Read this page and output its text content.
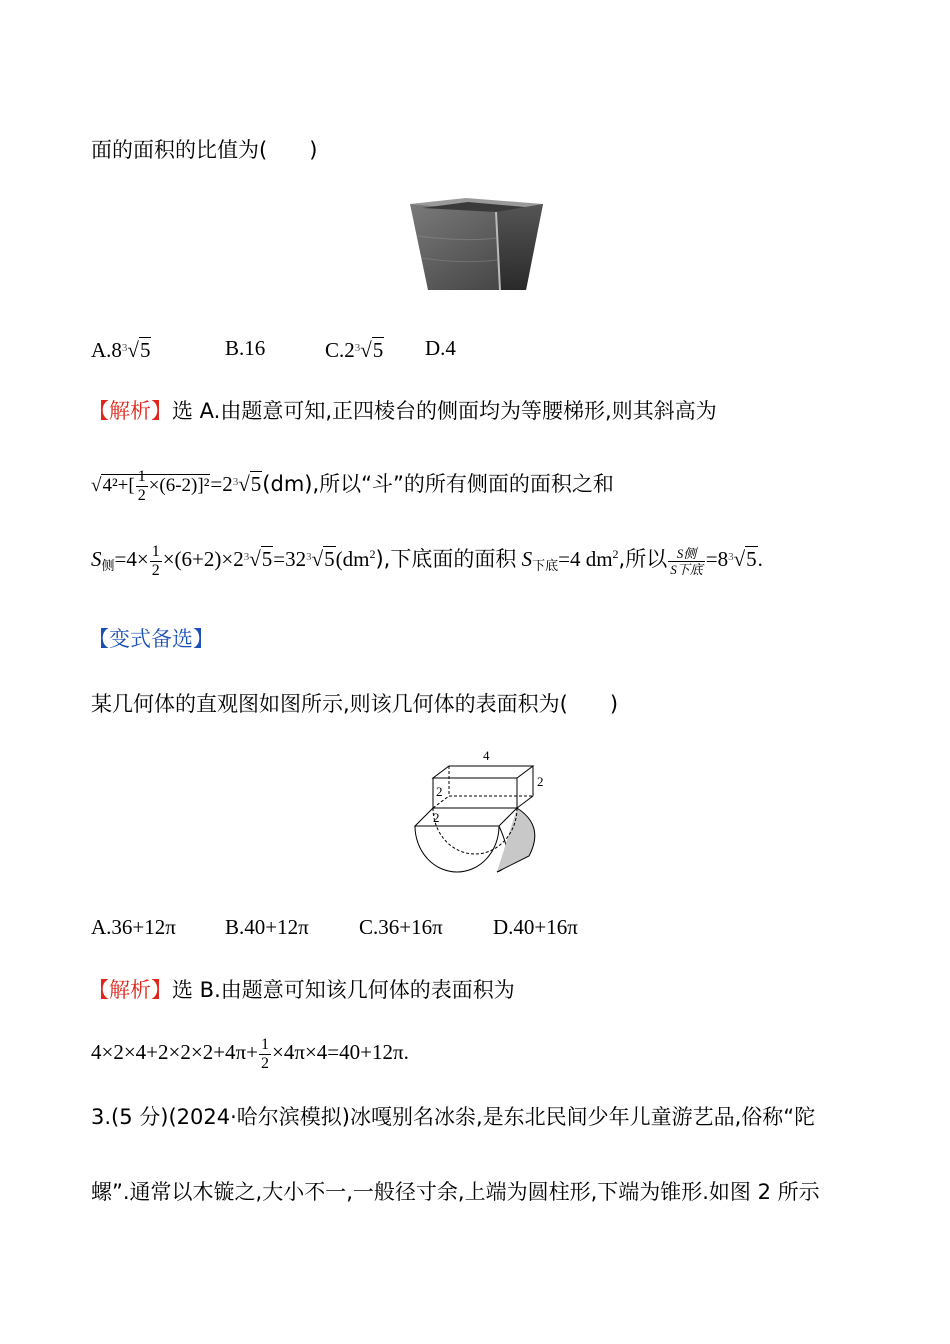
面的面积的比值为(　　)
$A.8^3√5$	B.16	$C.2^3√5$ D.4
【解析】选 A.由题意可知,正四棱台的侧面均为等腰梯形,则其斜高为
$√4^2+[ \frac{1}{2} \times(6-2)]^2=2^3√5(dm)$,所以“斗”的所有侧面的面积之和
$S_侧=4\times \frac{1}{2} \times(6+2)\times 2^3√5=32^3√5(dm^2)$,下底面的面积 $S_{下底}=4$ $dm^2$,所以 $\frac{\text{S侧}}{\text{S下底}} =8^3√5$.
【变式备选】
某几何体的直观图如图所示,则该几何体的表面积为(　　)
4
2
2
2
A.36+12π B.40+12π C.36+16π D.40+16π
【解析】选 B.由题意可知该几何体的表面积为
$4\times 2\times 4+2\times 2\times 2+4\pi+ \frac{1}{2} \times 4\pi\times 4=40+12\pi$.
3.(5 分)(2024·哈尔滨模拟)冰嘎别名冰尜,是东北民间少年儿童游艺品,俗称“陀
螺”.通常以木镟之,大小不一,一般径寸余,上端为圆柱形,下端为锥形.如图 2 所示
